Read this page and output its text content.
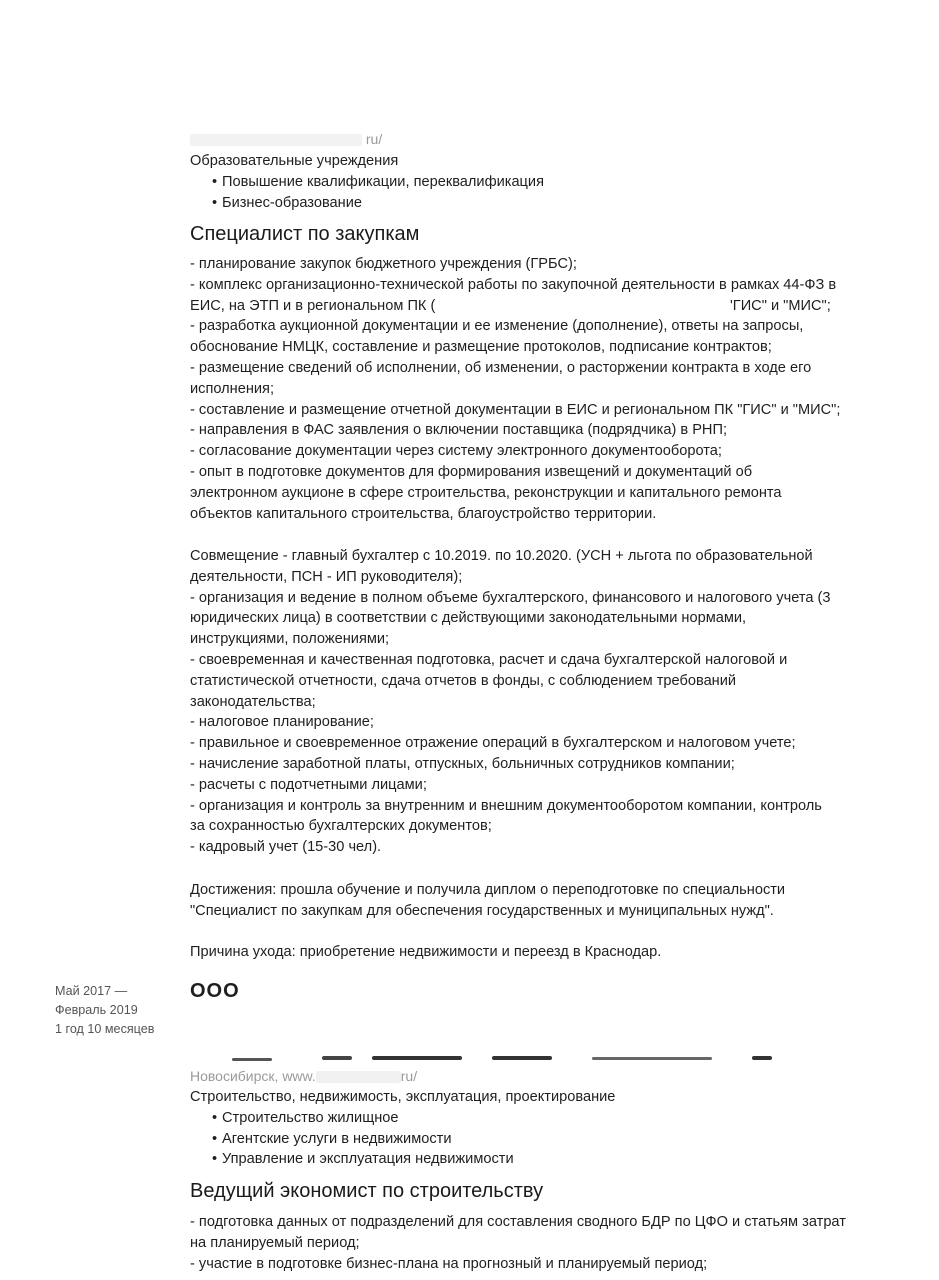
ru/
Образовательные учреждения
• Повышение квалификации, переквалификация
• Бизнес-образование
Специалист по закупкам
- планирование закупок бюджетного учреждения (ГРБС);
- комплекс организационно-технической работы по закупочной деятельности в рамках 44-ФЗ в
ЕИС, на ЭТП и в региональном ПК (	'ГИС" и "МИС";
- разработка аукционной документации и ее изменение (дополнение), ответы на запросы,
обоснование НМЦК, составление и размещение протоколов, подписание контрактов;
- размещение сведений об исполнении, об изменении, о расторжении контракта в ходе его
исполнения;
- составление и размещение отчетной документации в ЕИС и региональном ПК "ГИС" и "МИС";
- направления в ФАС заявления о включении поставщика (подрядчика) в РНП;
- согласование документации через систему электронного документооборота;
- опыт в подготовке документов для формирования извещений и документаций об
электронном аукционе в сфере строительства, реконструкции и капитального ремонта
объектов капитального строительства, благоустройство территории.
Совмещение - главный бухгалтер с 10.2019. по 10.2020. (УСН + льгота по образовательной
деятельности, ПСН - ИП руководителя);
- организация и ведение в полном объеме бухгалтерского, финансового и налогового учета (3
юридических лица) в соответствии с действующими законодательными нормами,
инструкциями, положениями;
- своевременная и качественная подготовка, расчет и сдача бухгалтерской налоговой и
статистической отчетности, сдача отчетов в фонды, с соблюдением требований
законодательства;
- налоговое планирование;
- правильное и своевременное отражение операций в бухгалтерском и налоговом учете;
- начисление заработной платы, отпускных, больничных сотрудников компании;
- расчеты с подотчетными лицами;
- организация и контроль за внутренним и внешним документооборотом компании, контроль
за сохранностью бухгалтерских документов;
- кадровый учет (15-30 чел).
Достижения: прошла обучение и получила диплом о переподготовке по специальности
"Специалист по закупкам для обеспечения государственных и муниципальных нужд".
Причина ухода: приобретение недвижимости и переезд в Краснодар.
Май 2017 —
Февраль 2019
1 год 10 месяцев
ООО
Новосибирск, www.	ru/
Строительство, недвижимость, эксплуатация, проектирование
• Строительство жилищное
• Агентские услуги в недвижимости
• Управление и эксплуатация недвижимости
Ведущий экономист по строительству
- подготовка данных от подразделений для составления сводного БДР по ЦФО и статьям затрат
на планируемый период;
- участие в подготовке бизнес-плана на прогнозный и планируемый период;
